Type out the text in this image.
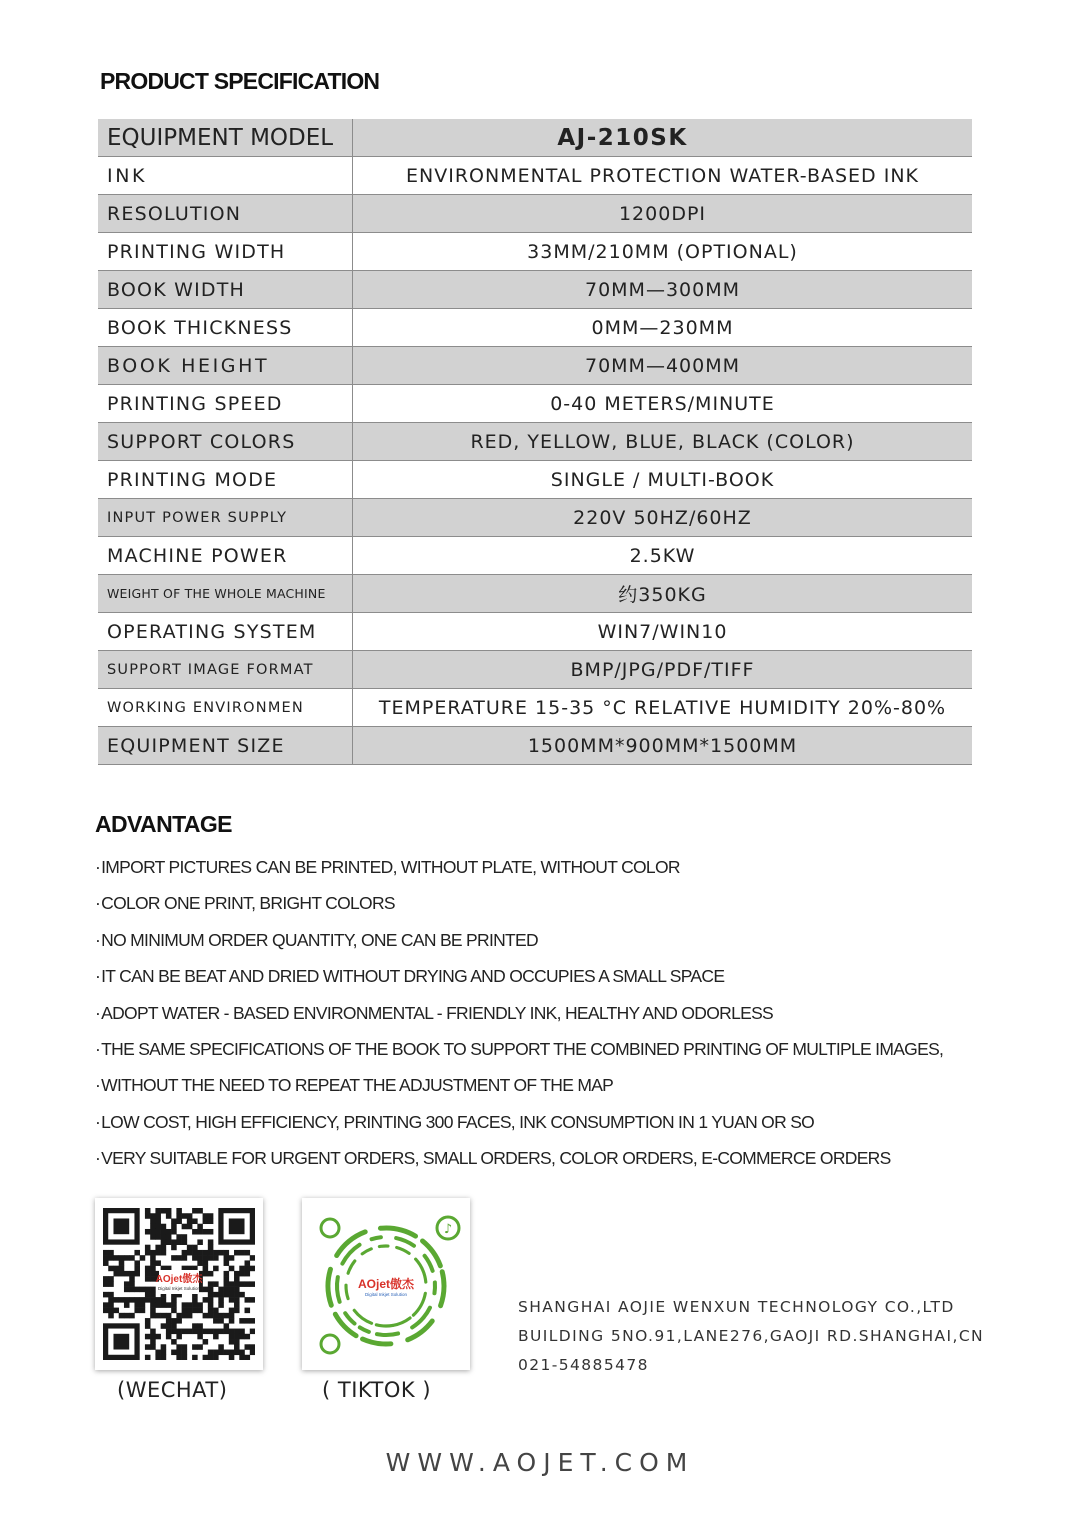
PRODUCT SPECIFICATION
EQUIPMENT MODEL	AJ-210SK
INK	ENVIRONMENTAL PROTECTION WATER-BASED INK
RESOLUTION	1200DPI
PRINTING WIDTH	33MM/210MM (OPTIONAL)
BOOK WIDTH	70MM—300MM
BOOK THICKNESS	0MM—230MM
BOOK HEIGHT	70MM—400MM
PRINTING SPEED	0-40 METERS/MINUTE
SUPPORT COLORS	RED, YELLOW, BLUE, BLACK (COLOR)
PRINTING MODE	SINGLE / MULTI-BOOK
INPUT POWER SUPPLY	220V 50HZ/60HZ
MACHINE POWER	2.5KW
WEIGHT OF THE WHOLE MACHINE	约350KG
OPERATING SYSTEM	WIN7/WIN10
SUPPORT IMAGE FORMAT	BMP/JPG/PDF/TIFF
WORKING ENVIRONMEN	TEMPERATURE 15-35 °C RELATIVE HUMIDITY 20%-80%
EQUIPMENT SIZE	1500MM*900MM*1500MM
ADVANTAGE
· IMPORT PICTURES CAN BE PRINTED, WITHOUT PLATE, WITHOUT COLOR
· COLOR ONE PRINT, BRIGHT COLORS
· NO MINIMUM ORDER QUANTITY, ONE CAN BE PRINTED
· IT CAN BE BEAT AND DRIED WITHOUT DRYING AND OCCUPIES A SMALL SPACE
· ADOPT WATER - BASED ENVIRONMENTAL - FRIENDLY INK, HEALTHY AND ODORLESS
· THE SAME SPECIFICATIONS OF THE BOOK TO SUPPORT THE COMBINED PRINTING OF MULTIPLE IMAGES,
· WITHOUT THE NEED TO REPEAT THE ADJUSTMENT OF THE MAP
· LOW COST, HIGH EFFICIENCY, PRINTING 300 FACES, INK CONSUMPTION IN 1 YUAN OR SO
· VERY SUITABLE FOR URGENT ORDERS, SMALL ORDERS, COLOR ORDERS, E-COMMERCE ORDERS
AOjet傲杰
Digital Inkjet Solution
♪
AOjet傲杰
Digital Inkjet Solution
(WECHAT)	( TIKTOK )
SHANGHAI AOJIE WENXUN TECHNOLOGY CO.,LTD
BUILDING 5NO.91,LANE276,GAOJI RD.SHANGHAI,CN
021-54885478
WWW.AOJET.COM
